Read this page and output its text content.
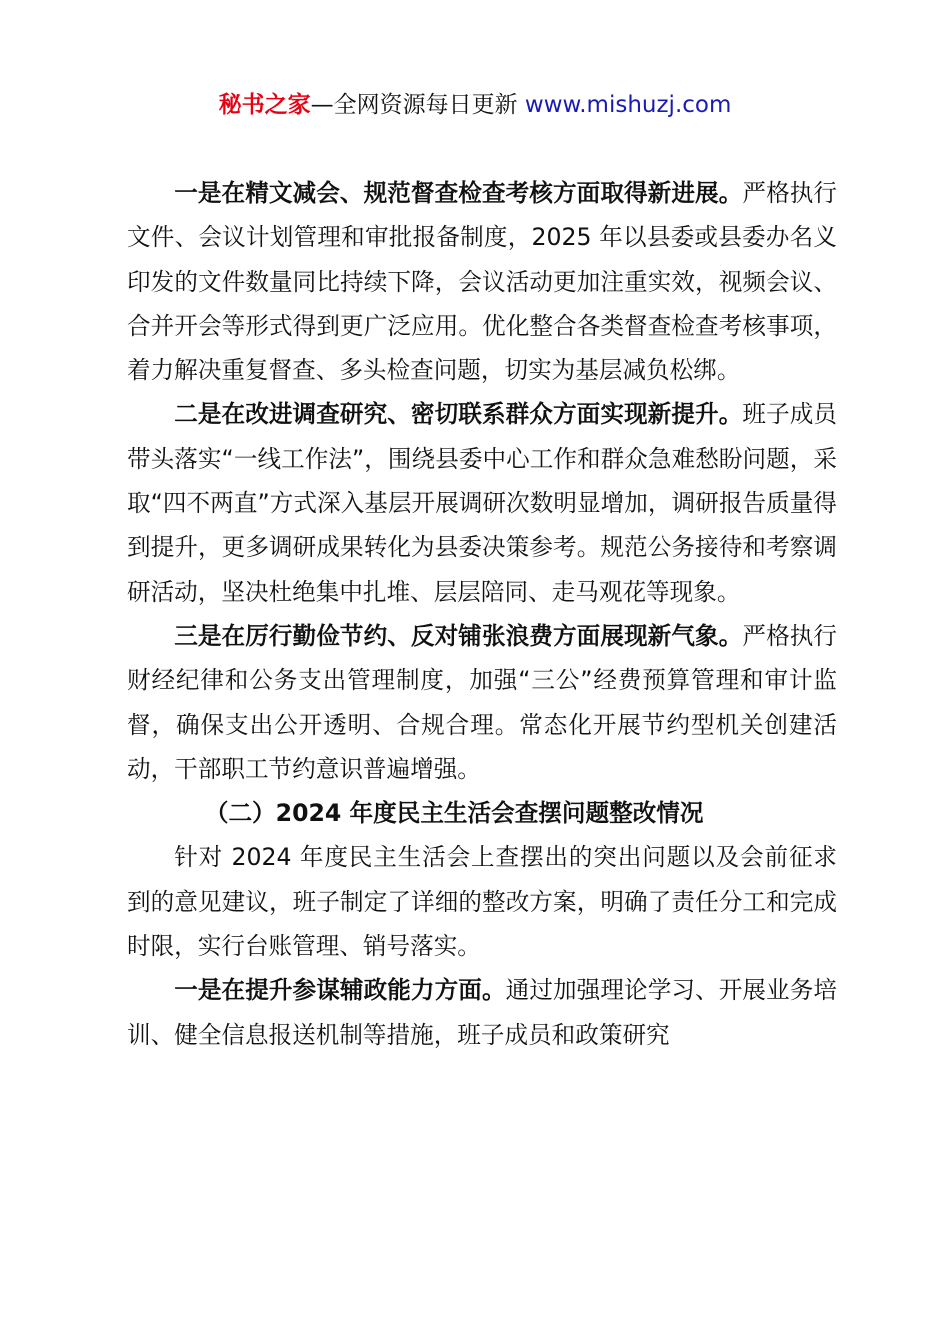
秘书之家—全网资源每日更新 www.mishuzj.com

一是在精文减会、规范督查检查考核方面取得新进展。严格执行文件、会议计划管理和审批报备制度，2025 年以县委或县委办名义印发的文件数量同比持续下降，会议活动更加注重实效，视频会议、合并开会等形式得到更广泛应用。优化整合各类督查检查考核事项，着力解决重复督查、多头检查问题，切实为基层减负松绑。

二是在改进调查研究、密切联系群众方面实现新提升。班子成员带头落实“一线工作法”，围绕县委中心工作和群众急难愁盼问题，采取“四不两直”方式深入基层开展调研次数明显增加，调研报告质量得到提升，更多调研成果转化为县委决策参考。规范公务接待和考察调研活动，坚决杜绝集中扎堆、层层陪同、走马观花等现象。

三是在厉行勤俭节约、反对铺张浪费方面展现新气象。严格执行财经纪律和公务支出管理制度，加强“三公”经费预算管理和审计监督，确保支出公开透明、合规合理。常态化开展节约型机关创建活动，干部职工节约意识普遍增强。

（二）2024 年度民主生活会查摆问题整改情况

针对 2024 年度民主生活会上查摆出的突出问题以及会前征求到的意见建议，班子制定了详细的整改方案，明确了责任分工和完成时限，实行台账管理、销号落实。

一是在提升参谋辅政能力方面。通过加强理论学习、开展业务培训、健全信息报送机制等措施，班子成员和政策研究
